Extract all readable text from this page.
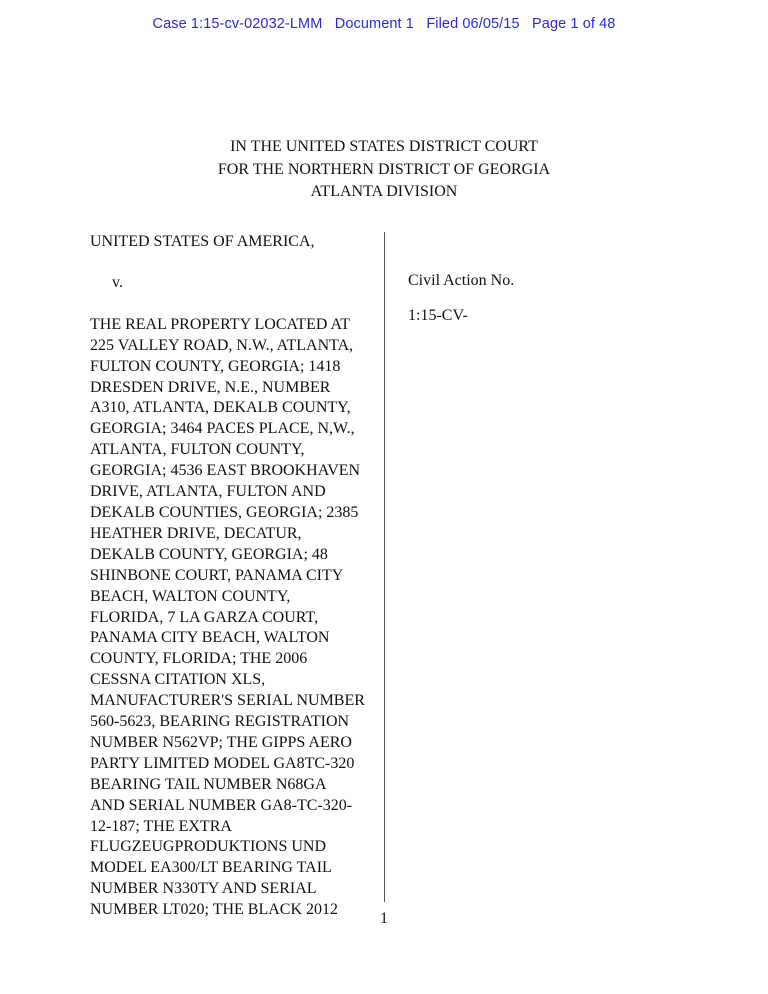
Case 1:15-cv-02032-LMM   Document 1   Filed 06/05/15   Page 1 of 48
IN THE UNITED STATES DISTRICT COURT
FOR THE NORTHERN DISTRICT OF GEORGIA
ATLANTA DIVISION
UNITED STATES OF AMERICA,
v.
THE REAL PROPERTY LOCATED AT
225 VALLEY ROAD, N.W., ATLANTA,
FULTON COUNTY, GEORGIA; 1418
DRESDEN DRIVE, N.E., NUMBER
A310, ATLANTA, DEKALB COUNTY,
GEORGIA; 3464 PACES PLACE, N,W.,
ATLANTA, FULTON COUNTY,
GEORGIA; 4536 EAST BROOKHAVEN
DRIVE, ATLANTA, FULTON AND
DEKALB COUNTIES, GEORGIA; 2385
HEATHER DRIVE, DECATUR,
DEKALB COUNTY, GEORGIA; 48
SHINBONE COURT, PANAMA CITY
BEACH, WALTON COUNTY,
FLORIDA, 7 LA GARZA COURT,
PANAMA CITY BEACH, WALTON
COUNTY, FLORIDA; THE 2006
CESSNA CITATION XLS,
MANUFACTURER'S SERIAL NUMBER
560-5623, BEARING REGISTRATION
NUMBER N562VP; THE GIPPS AERO
PARTY LIMITED MODEL GA8TC-320
BEARING TAIL NUMBER N68GA
AND SERIAL NUMBER GA8-TC-320-
12-187; THE EXTRA
FLUGZEUGPRODUKTIONS UND
MODEL EA300/LT BEARING TAIL
NUMBER N330TY AND SERIAL
NUMBER LT020; THE BLACK 2012
Civil Action No.
1:15-CV-
1
